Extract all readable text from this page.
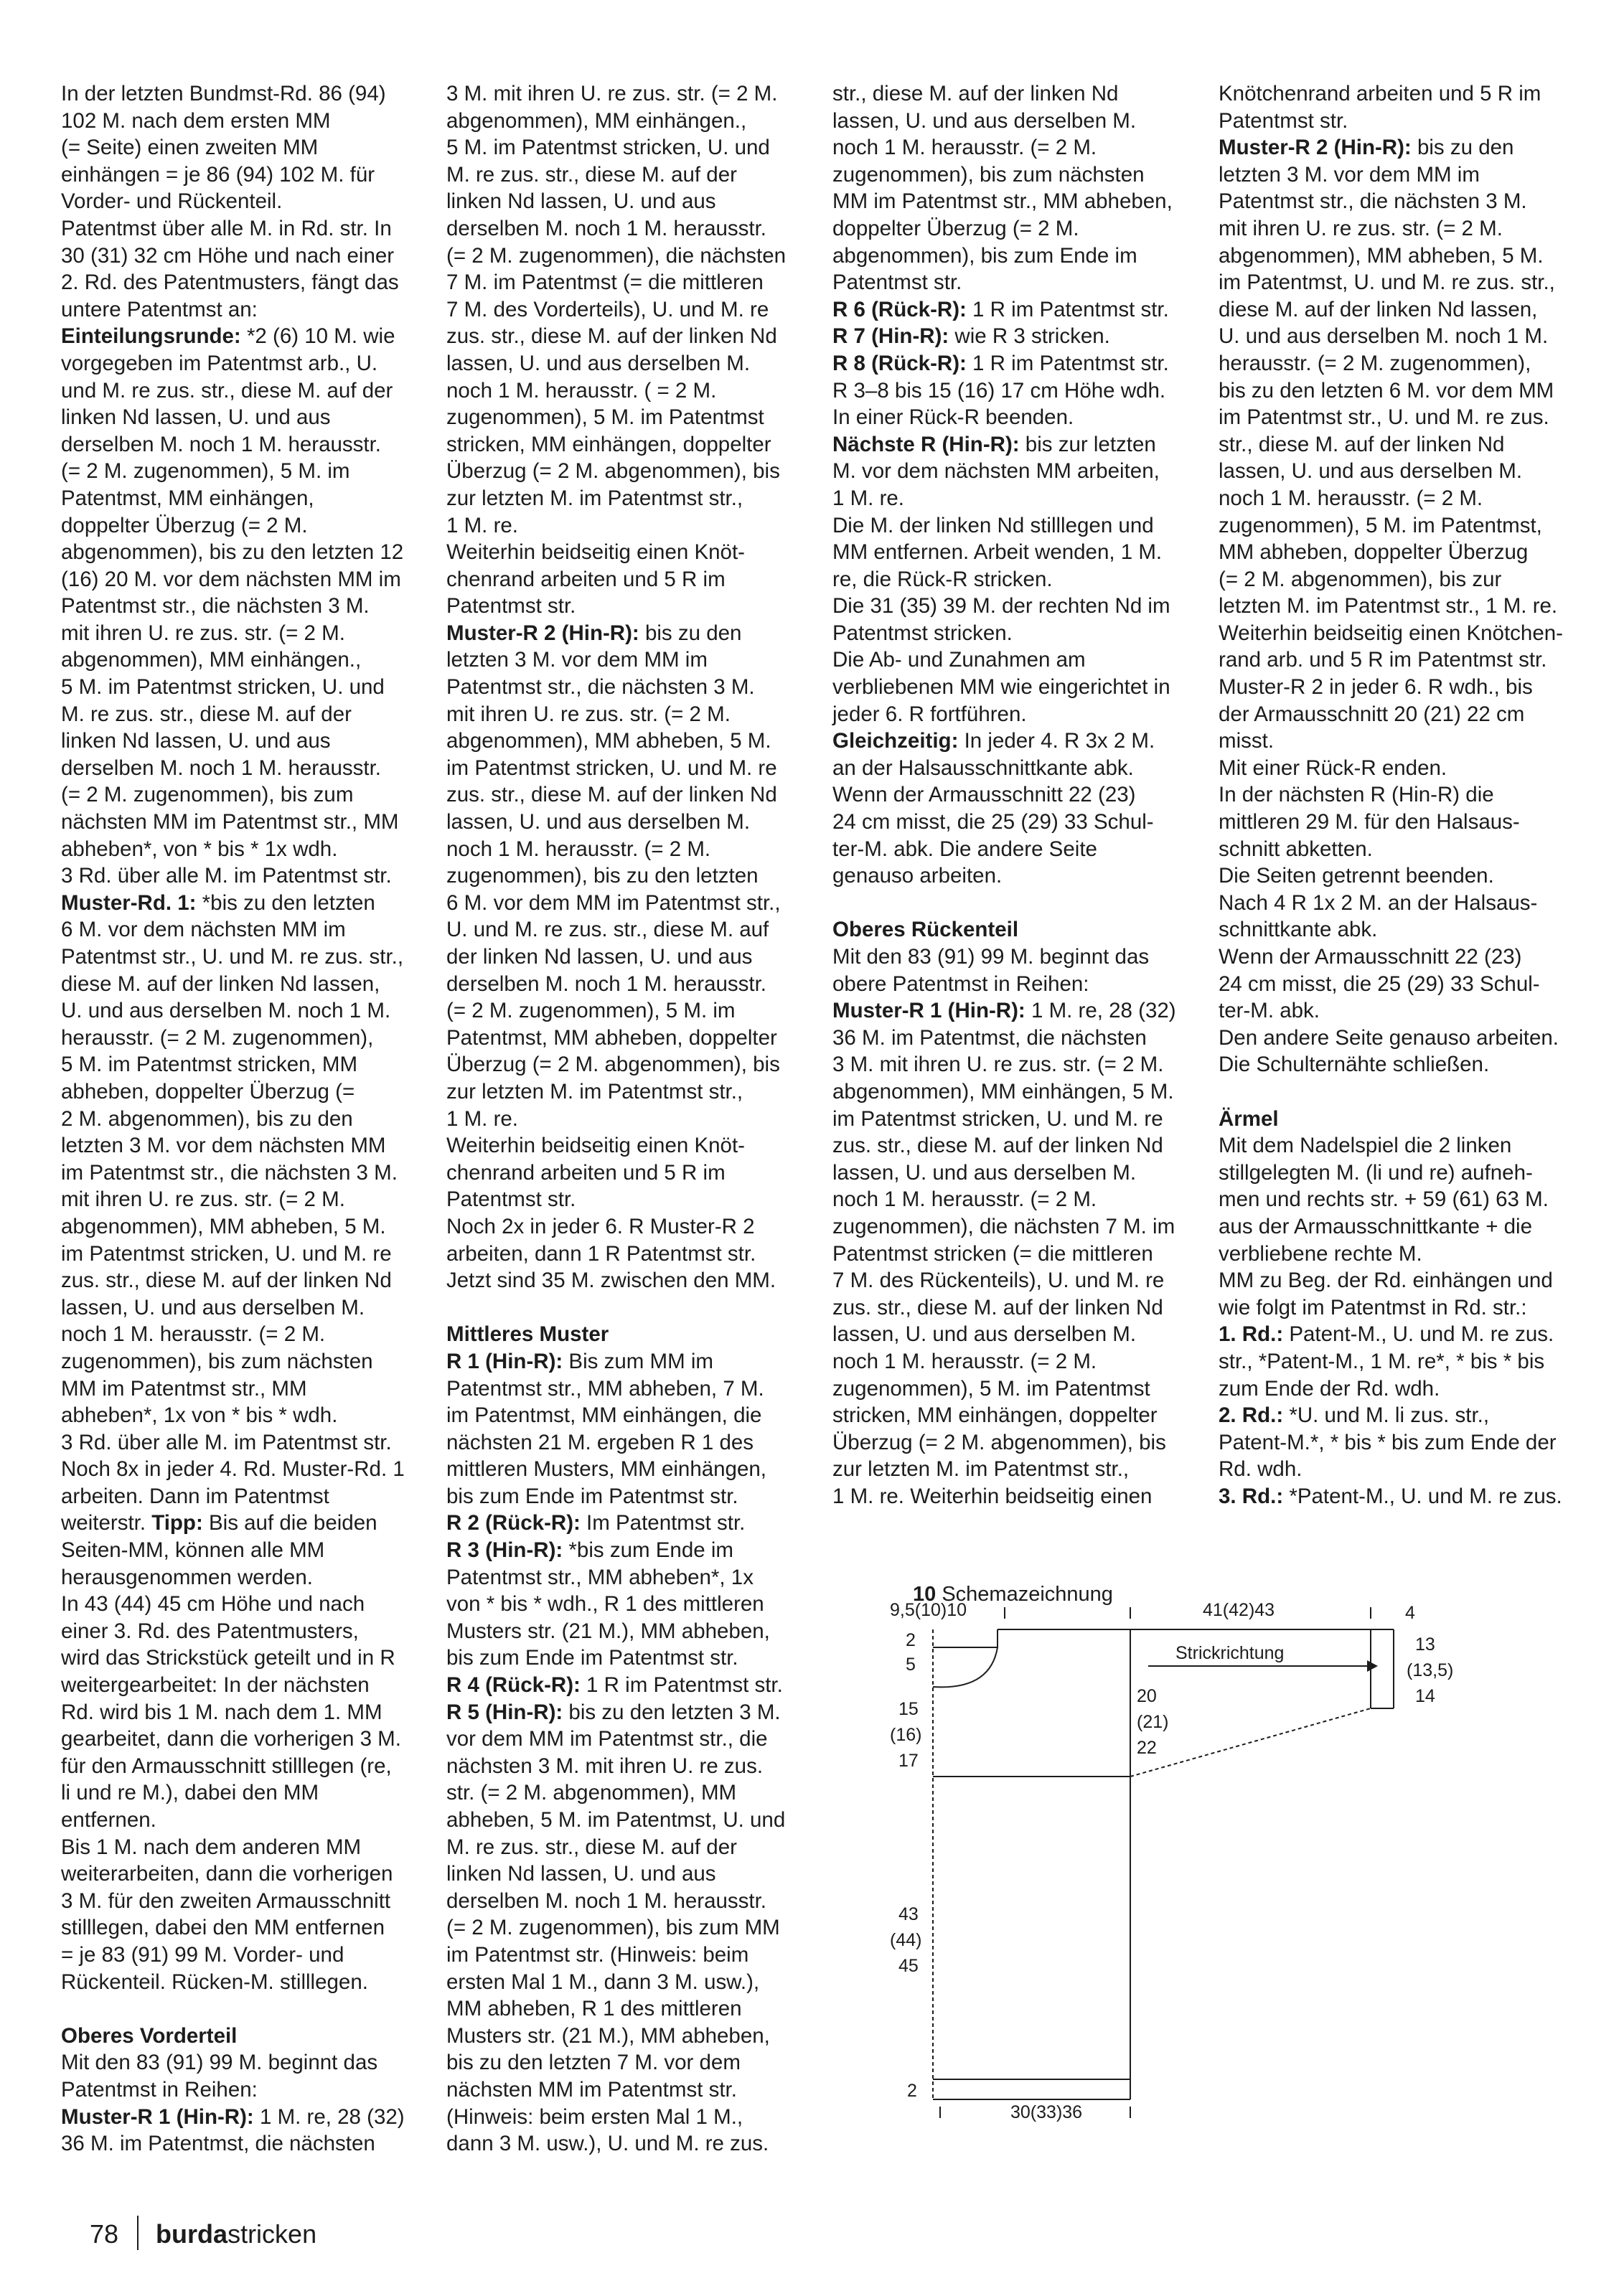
In der letzten Bundmst-Rd. 86 (94)

102 M. nach dem ersten MM

(= Seite) einen zweiten MM

einhängen = je 86 (94) 102 M. für

Vorder- und Rückenteil.

Patentmst über alle M. in Rd. str. In

30 (31) 32 cm Höhe und nach einer

2. Rd. des Patentmusters, fängt das

untere Patentmst an:

Einteilungsrunde: *2 (6) 10 M. wie

vorgegeben im Patentmst arb., U.

und M. re zus. str., diese M. auf der

linken Nd lassen, U. und aus

derselben M. noch 1 M. herausstr.

(= 2 M. zugenommen), 5 M. im

Patentmst, MM einhängen,

doppelter Überzug (= 2 M.

abgenommen), bis zu den letzten 12

(16) 20 M. vor dem nächsten MM im

Patentmst str., die nächsten 3 M.

mit ihren U. re zus. str. (= 2 M.

abgenommen), MM einhängen.,

5 M. im Patentmst stricken, U. und

M. re zus. str., diese M. auf der

linken Nd lassen, U. und aus

derselben M. noch 1 M. herausstr.

(= 2 M. zugenommen), bis zum

nächsten MM im Patentmst str., MM

abheben*, von * bis * 1x wdh.

3 Rd. über alle M. im Patentmst str.

Muster-Rd. 1: *bis zu den letzten

6 M. vor dem nächsten MM im

Patentmst str., U. und M. re zus. str.,

diese M. auf der linken Nd lassen,

U. und aus derselben M. noch 1 M.

herausstr. (= 2 M. zugenommen),

5 M. im Patentmst stricken, MM

abheben, doppelter Überzug (=

2 M. abgenommen), bis zu den

letzten 3 M. vor dem nächsten MM

im Patentmst str., die nächsten 3 M.

mit ihren U. re zus. str. (= 2 M.

abgenommen), MM abheben, 5 M.

im Patentmst stricken, U. und M. re

zus. str., diese M. auf der linken Nd

lassen, U. und aus derselben M.

noch 1 M. herausstr. (= 2 M.

zugenommen), bis zum nächsten

MM im Patentmst str., MM

abheben*, 1x von * bis * wdh.

3 Rd. über alle M. im Patentmst str.

Noch 8x in jeder 4. Rd. Muster-Rd. 1

arbeiten. Dann im Patentmst

weiterstr. Tipp: Bis auf die beiden

Seiten-MM, können alle MM

herausgenommen werden.

In 43 (44) 45 cm Höhe und nach

einer 3. Rd. des Patentmusters,

wird das Strickstück geteilt und in R

weitergearbeitet: In der nächsten

Rd. wird bis 1 M. nach dem 1. MM

gearbeitet, dann die vorherigen 3 M.

für den Armausschnitt stilllegen (re,

li und re M.), dabei den MM

entfernen.

Bis 1 M. nach dem anderen MM

weiterarbeiten, dann die vorherigen

3 M. für den zweiten Armausschnitt

stilllegen, dabei den MM entfernen

= je 83 (91) 99 M. Vorder- und

Rückenteil. Rücken-M. stilllegen.

Oberes Vorderteil

Mit den 83 (91) 99 M. beginnt das

Patentmst in Reihen:

Muster-R 1 (Hin-R): 1 M. re, 28 (32)

36 M. im Patentmst, die nächsten

3 M. mit ihren U. re zus. str. (= 2 M.

abgenommen), MM einhängen.,

5 M. im Patentmst stricken, U. und

M. re zus. str., diese M. auf der

linken Nd lassen, U. und aus

derselben M. noch 1 M. herausstr.

(= 2 M. zugenommen), die nächsten

7 M. im Patentmst (= die mittleren

7 M. des Vorderteils), U. und M. re

zus. str., diese M. auf der linken Nd

lassen, U. und aus derselben M.

noch 1 M. herausstr. ( = 2 M.

zugenommen), 5 M. im Patentmst

stricken, MM einhängen, doppelter

Überzug (= 2 M. abgenommen), bis

zur letzten M. im Patentmst str.,

1 M. re.

Weiterhin beidseitig einen Knöt-

chenrand arbeiten und 5 R im

Patentmst str.

Muster-R 2 (Hin-R): bis zu den

letzten 3 M. vor dem MM im

Patentmst str., die nächsten 3 M.

mit ihren U. re zus. str. (= 2 M.

abgenommen), MM abheben, 5 M.

im Patentmst stricken, U. und M. re

zus. str., diese M. auf der linken Nd

lassen, U. und aus derselben M.

noch 1 M. herausstr. (= 2 M.

zugenommen), bis zu den letzten

6 M. vor dem MM im Patentmst str.,

U. und M. re zus. str., diese M. auf

der linken Nd lassen, U. und aus

derselben M. noch 1 M. herausstr.

(= 2 M. zugenommen), 5 M. im

Patentmst, MM abheben, doppelter

Überzug (= 2 M. abgenommen), bis

zur letzten M. im Patentmst str.,

1 M. re.

Weiterhin beidseitig einen Knöt-

chenrand arbeiten und 5 R im

Patentmst str.

Noch 2x in jeder 6. R Muster-R 2

arbeiten, dann 1 R Patentmst str.

Jetzt sind 35 M. zwischen den MM.

Mittleres Muster

R 1 (Hin-R): Bis zum MM im

Patentmst str., MM abheben, 7 M.

im Patentmst, MM einhängen, die

nächsten 21 M. ergeben R 1 des

mittleren Musters, MM einhängen,

bis zum Ende im Patentmst str.

R 2 (Rück-R): Im Patentmst str.

R 3 (Hin-R): *bis zum Ende im

Patentmst str., MM abheben*, 1x

von * bis * wdh., R 1 des mittleren

Musters str. (21 M.), MM abheben,

bis zum Ende im Patentmst str.

R 4 (Rück-R): 1 R im Patentmst str.

R 5 (Hin-R): bis zu den letzten 3 M.

vor dem MM im Patentmst str., die

nächsten 3 M. mit ihren U. re zus.

str. (= 2 M. abgenommen), MM

abheben, 5 M. im Patentmst, U. und

M. re zus. str., diese M. auf der

linken Nd lassen, U. und aus

derselben M. noch 1 M. herausstr.

(= 2 M. zugenommen), bis zum MM

im Patentmst str. (Hinweis: beim

ersten Mal 1 M., dann 3 M. usw.),

MM abheben, R 1 des mittleren

Musters str. (21 M.), MM abheben,

bis zu den letzten 7 M. vor dem

nächsten MM im Patentmst str.

(Hinweis: beim ersten Mal 1 M.,

dann 3 M. usw.), U. und M. re zus.

str., diese M. auf der linken Nd

lassen, U. und aus derselben M.

noch 1 M. herausstr. (= 2 M.

zugenommen), bis zum nächsten

MM im Patentmst str., MM abheben,

doppelter Überzug (= 2 M.

abgenommen), bis zum Ende im

Patentmst str.

R 6 (Rück-R): 1 R im Patentmst str.

R 7 (Hin-R): wie R 3 stricken.

R 8 (Rück-R): 1 R im Patentmst str.

R 3–8 bis 15 (16) 17 cm Höhe wdh.

In einer Rück-R beenden.

Nächste R (Hin-R): bis zur letzten

M. vor dem nächsten MM arbeiten,

1 M. re.

Die M. der linken Nd stilllegen und

MM entfernen. Arbeit wenden, 1 M.

re, die Rück-R stricken.

Die 31 (35) 39 M. der rechten Nd im

Patentmst stricken.

Die Ab- und Zunahmen am

verbliebenen MM wie eingerichtet in

jeder 6. R fortführen.

Gleichzeitig: In jeder 4. R 3x 2 M.

an der Halsausschnittkante abk.

Wenn der Armausschnitt 22 (23)

24 cm misst, die 25 (29) 33 Schul-

ter-M. abk. Die andere Seite

genauso arbeiten.

Oberes Rückenteil

Mit den 83 (91) 99 M. beginnt das

obere Patentmst in Reihen:

Muster-R 1 (Hin-R): 1 M. re, 28 (32)

36 M. im Patentmst, die nächsten

3 M. mit ihren U. re zus. str. (= 2 M.

abgenommen), MM einhängen, 5 M.

im Patentmst stricken, U. und M. re

zus. str., diese M. auf der linken Nd

lassen, U. und aus derselben M.

noch 1 M. herausstr. (= 2 M.

zugenommen), die nächsten 7 M. im

Patentmst stricken (= die mittleren

7 M. des Rückenteils), U. und M. re

zus. str., diese M. auf der linken Nd

lassen, U. und aus derselben M.

noch 1 M. herausstr. (= 2 M.

zugenommen), 5 M. im Patentmst

stricken, MM einhängen, doppelter

Überzug (= 2 M. abgenommen), bis

zur letzten M. im Patentmst str.,

1 M. re. Weiterhin beidseitig einen

Knötchenrand arbeiten und 5 R im

Patentmst str.

Muster-R 2 (Hin-R): bis zu den

letzten 3 M. vor dem MM im

Patentmst str., die nächsten 3 M.

mit ihren U. re zus. str. (= 2 M.

abgenommen), MM abheben, 5 M.

im Patentmst, U. und M. re zus. str.,

diese M. auf der linken Nd lassen,

U. und aus derselben M. noch 1 M.

herausstr. (= 2 M. zugenommen),

bis zu den letzten 6 M. vor dem MM

im Patentmst str., U. und M. re zus.

str., diese M. auf der linken Nd

lassen, U. und aus derselben M.

noch 1 M. herausstr. (= 2 M.

zugenommen), 5 M. im Patentmst,

MM abheben, doppelter Überzug

(= 2 M. abgenommen), bis zur

letzten M. im Patentmst str., 1 M. re.

Weiterhin beidseitig einen Knötchen-

rand arb. und 5 R im Patentmst str.

Muster-R 2 in jeder 6. R wdh., bis

der Armausschnitt 20 (21) 22 cm

misst.

Mit einer Rück-R enden.

In der nächsten R (Hin-R) die

mittleren 29 M. für den Halsaus-

schnitt abketten.

Die Seiten getrennt beenden.

Nach 4 R 1x 2 M. an der Halsaus-

schnittkante abk.

Wenn der Armausschnitt 22 (23)

24 cm misst, die 25 (29) 33 Schul-

ter-M. abk.

Den andere Seite genauso arbeiten.

Die Schulternähte schließen.

Ärmel

Mit dem Nadelspiel die 2 linken

stillgelegten M. (li und re) aufneh-

men und rechts str. + 59 (61) 63 M.

aus der Armausschnittkante + die

verbliebene rechte M.

MM zu Beg. der Rd. einhängen und

wie folgt im Patentmst in Rd. str.:

1. Rd.: Patent-M., U. und M. re zus.

str., *Patent-M., 1 M. re*, * bis * bis

zum Ende der Rd. wdh.

2. Rd.: *U. und M. li zus. str.,

Patent-M.*, * bis * bis zum Ende der

Rd. wdh.

3. Rd.: *Patent-M., U. und M. re zus.

10 Schemazeichnung
9,5(10)10
2
5
15
(16)
17
43
(44)
45
2
30(33)36
41(42)43	4
20
(21)
22
13
(13,5)
14
Strickrichtung
78 burdastricken
